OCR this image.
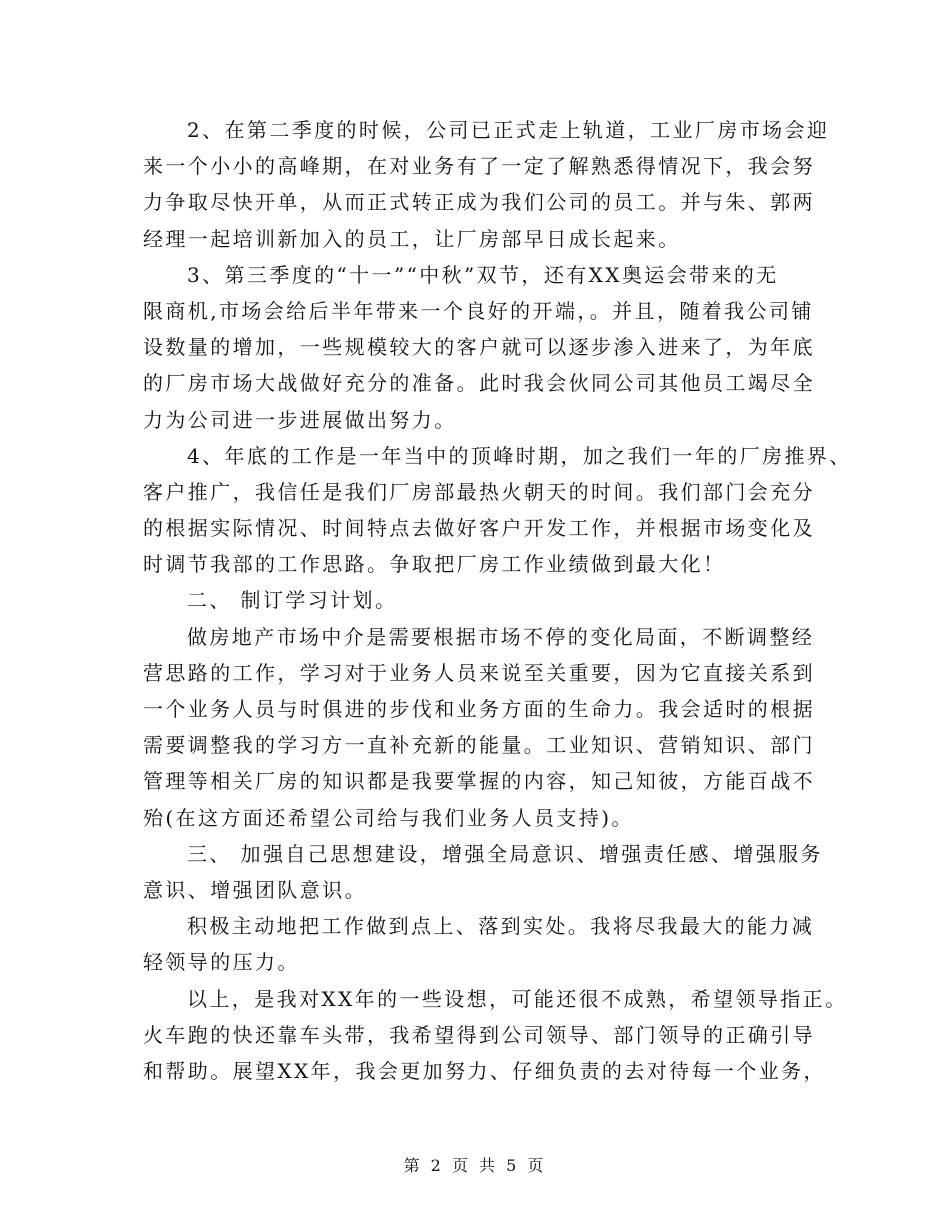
2、在第二季度的时候，公司已正式走上轨道，工业厂房市场会迎
来一个小小的高峰期，在对业务有了一定了解熟悉得情况下，我会努
力争取尽快开单，从而正式转正成为我们公司的员工。并与朱、郭两
经理一起培训新加入的员工，让厂房部早日成长起来。
3、第三季度的“十一”“中秋”双节，还有XX奥运会带来的无
限商机,市场会给后半年带来一个良好的开端，。并且，随着我公司铺
设数量的增加，一些规模较大的客户就可以逐步渗入进来了，为年底
的厂房市场大战做好充分的准备。此时我会伙同公司其他员工竭尽全
力为公司进一步进展做出努力。
4、年底的工作是一年当中的顶峰时期，加之我们一年的厂房推界、
客户推广，我信任是我们厂房部最热火朝天的时间。我们部门会充分
的根据实际情况、时间特点去做好客户开发工作，并根据市场变化及
时调节我部的工作思路。争取把厂房工作业绩做到最大化！
二、 制订学习计划。
做房地产市场中介是需要根据市场不停的变化局面，不断调整经
营思路的工作，学习对于业务人员来说至关重要，因为它直接关系到
一个业务人员与时俱进的步伐和业务方面的生命力。我会适时的根据
需要调整我的学习方一直补充新的能量。工业知识、营销知识、部门
管理等相关厂房的知识都是我要掌握的内容，知己知彼，方能百战不
殆(在这方面还希望公司给与我们业务人员支持)。
三、 加强自己思想建设，增强全局意识、增强责任感、增强服务
意识、增强团队意识。
积极主动地把工作做到点上、落到实处。我将尽我最大的能力减
轻领导的压力。
以上，是我对XX年的一些设想，可能还很不成熟，希望领导指正。
火车跑的快还靠车头带，我希望得到公司领导、部门领导的正确引导
和帮助。展望XX年，我会更加努力、仔细负责的去对待每一个业务，
第 2 页 共 5 页
